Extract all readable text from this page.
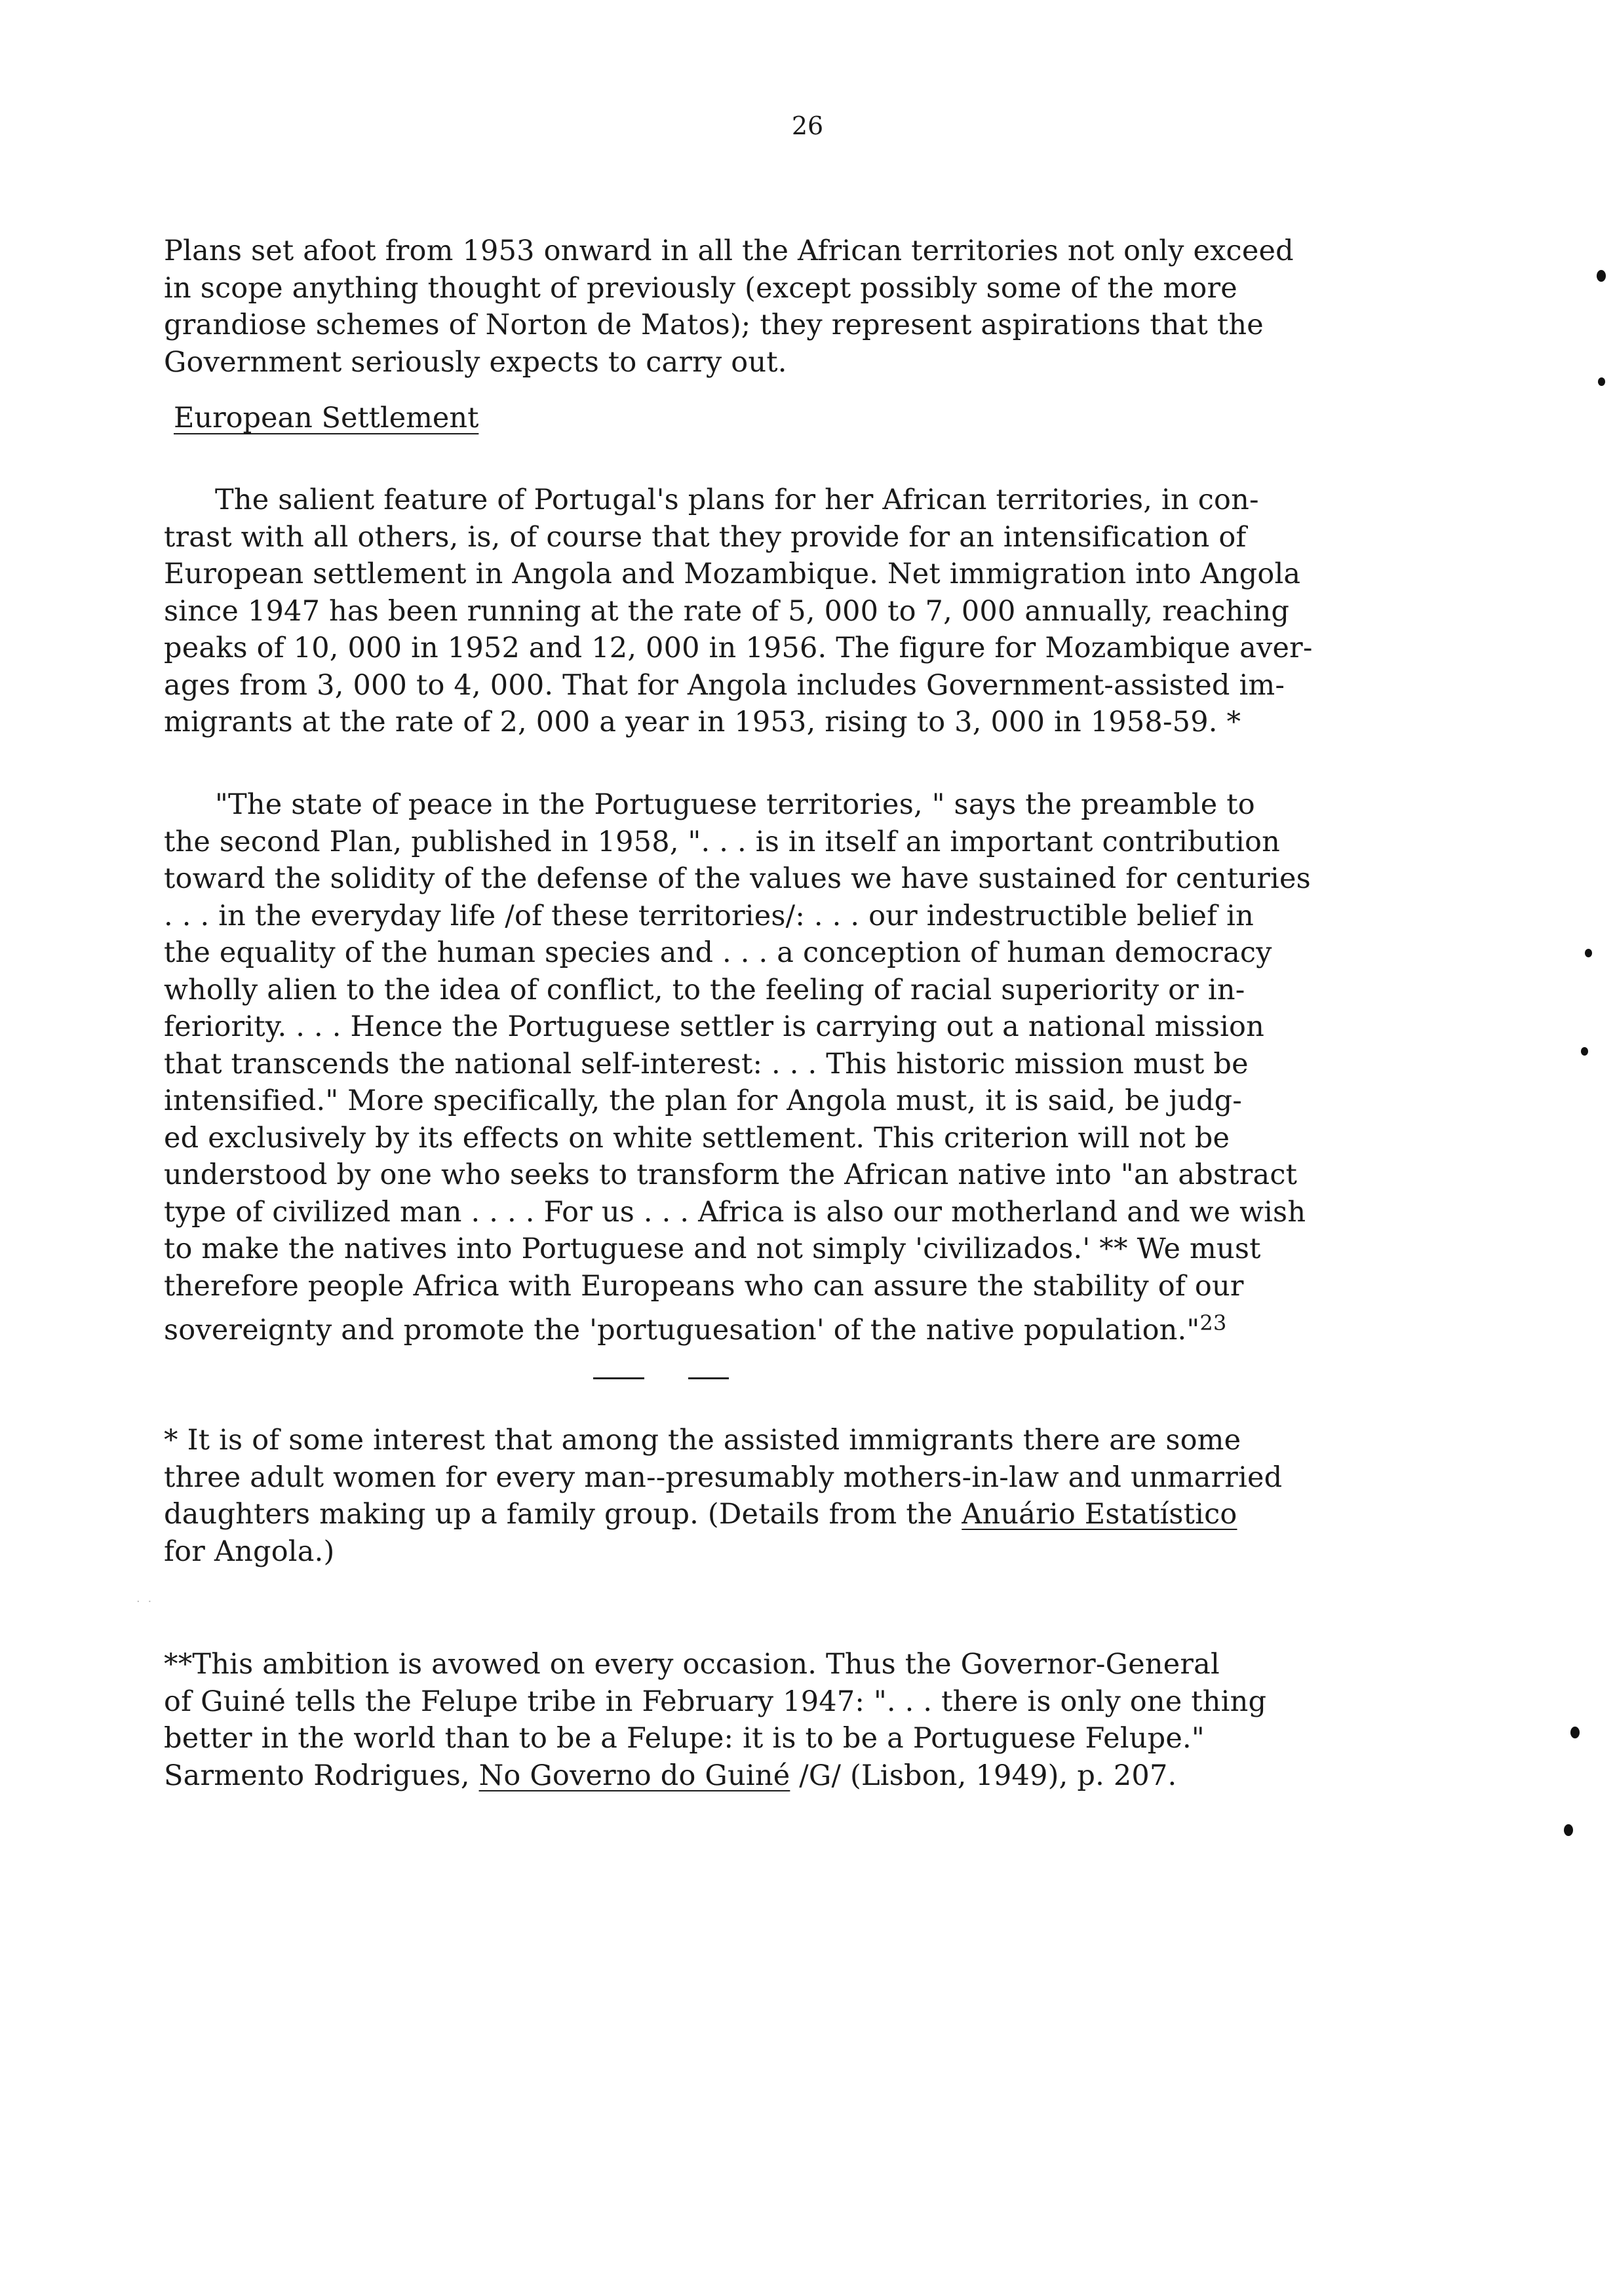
26
Plans set afoot from 1953 onward in all the African territories not only exceed
in scope anything thought of previously (except possibly some of the more
grandiose schemes of Norton de Matos); they represent aspirations that the
Government seriously expects to carry out.
European Settlement
The salient feature of Portugal's plans for her African territories, in con-
trast with all others, is, of course that they provide for an intensification of
European settlement in Angola and Mozambique. Net immigration into Angola
since 1947 has been running at the rate of 5, 000 to 7, 000 annually, reaching
peaks of 10, 000 in 1952 and 12, 000 in 1956. The figure for Mozambique aver-
ages from 3, 000 to 4, 000. That for Angola includes Government-assisted im-
migrants at the rate of 2, 000 a year in 1953, rising to 3, 000 in 1958-59. *
"The state of peace in the Portuguese territories, " says the preamble to
the second Plan, published in 1958, ". . . is in itself an important contribution
toward the solidity of the defense of the values we have sustained for centuries
. . . in the everyday life /of these territories/: . . . our indestructible belief in
the equality of the human species and . . . a conception of human democracy
wholly alien to the idea of conflict, to the feeling of racial superiority or in-
feriority. . . . Hence the Portuguese settler is carrying out a national mission
that transcends the national self-interest: . . . This historic mission must be
intensified." More specifically, the plan for Angola must, it is said, be judg-
ed exclusively by its effects on white settlement. This criterion will not be
understood by one who seeks to transform the African native into "an abstract
type of civilized man . . . . For us . . . Africa is also our motherland and we wish
to make the natives into Portuguese and not simply 'civilizados.' ** We must
therefore people Africa with Europeans who can assure the stability of our
sovereignty and promote the 'portuguesation' of the native population."$^{23}$
* It is of some interest that among the assisted immigrants there are some
three adult women for every man--presumably mothers-in-law and unmarried
daughters making up a family group. (Details from the Anuário Estatístico
for Angola.)
· ·
**This ambition is avowed on every occasion. Thus the Governor-General
of Guiné tells the Felupe tribe in February 1947: ". . . there is only one thing
better in the world than to be a Felupe: it is to be a Portuguese Felupe."
Sarmento Rodrigues, No Governo do Guiné /G/ (Lisbon, 1949), p. 207.
